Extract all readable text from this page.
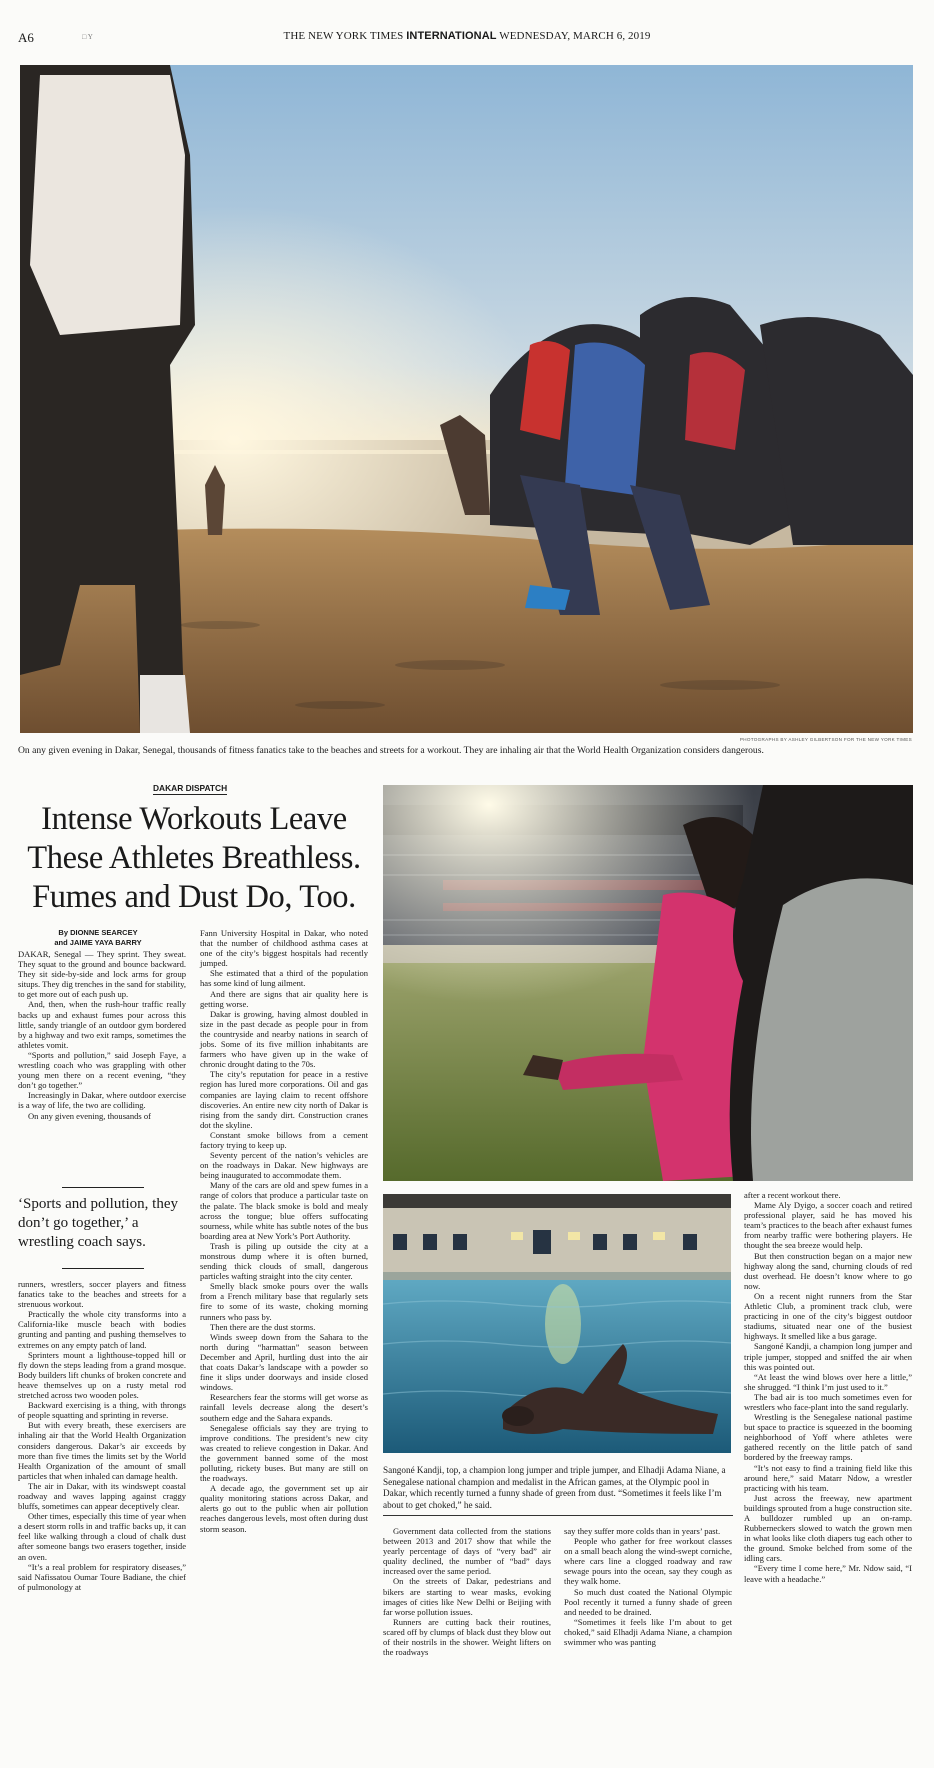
A6	□ Y	THE NEW YORK TIMES INTERNATIONAL WEDNESDAY, MARCH 6, 2019
PHOTOGRAPHS BY ASHLEY GILBERTSON FOR THE NEW YORK TIMES
On any given evening in Dakar, Senegal, thousands of fitness fanatics take to the beaches and streets for a workout. They are inhaling air that the World Health Organization considers dangerous.
DAKAR DISPATCH
Intense Workouts Leave These Athletes Breathless. Fumes and Dust Do, Too.
By DIONNE SEARCEY
and JAIME YAYA BARRY

DAKAR, Senegal — They sprint. They sweat. They squat to the ground and bounce backward. They sit side-by-side and lock arms for group situps. They dig trenches in the sand for stability, to get more out of each push up.

And, then, when the rush-hour traffic really backs up and exhaust fumes pour across this little, sandy triangle of an outdoor gym bordered by a highway and two exit ramps, sometimes the athletes vomit.

“Sports and pollution,” said Joseph Faye, a wrestling coach who was grappling with other young men there on a recent evening, “they don’t go together.”

Increasingly in Dakar, where outdoor exercise is a way of life, the two are colliding.

On any given evening, thousands of

‘Sports and pollution, they don’t go together,’ a wrestling coach says.

runners, wrestlers, soccer players and fitness fanatics take to the beaches and streets for a strenuous workout.

Practically the whole city transforms into a California-like muscle beach with bodies grunting and panting and pushing themselves to extremes on any empty patch of land.

Sprinters mount a lighthouse-topped hill or fly down the steps leading from a grand mosque. Body builders lift chunks of broken concrete and heave themselves up on a rusty metal rod stretched across two wooden poles.

Backward exercising is a thing, with throngs of people squatting and sprinting in reverse.

But with every breath, these exercisers are inhaling air that the World Health Organization considers dangerous. Dakar’s air exceeds by more than five times the limits set by the World Health Organization of the amount of small particles that when inhaled can damage health.

The air in Dakar, with its windswept coastal roadway and waves lapping against craggy bluffs, sometimes can appear deceptively clear.

Other times, especially this time of year when a desert storm rolls in and traffic backs up, it can feel like walking through a cloud of chalk dust after someone bangs two erasers together, inside an oven.

“It’s a real problem for respiratory diseases,” said Nafissatou Oumar Toure Badiane, the chief of pulmonology at

Fann University Hospital in Dakar, who noted that the number of childhood asthma cases at one of the city’s biggest hospitals had recently jumped.

She estimated that a third of the population has some kind of lung ailment.

And there are signs that air quality here is getting worse.

Dakar is growing, having almost doubled in size in the past decade as people pour in from the countryside and nearby nations in search of jobs. Some of its five million inhabitants are farmers who have given up in the wake of chronic drought dating to the 70s.

The city’s reputation for peace in a restive region has lured more corporations. Oil and gas companies are laying claim to recent offshore discoveries. An entire new city north of Dakar is rising from the sandy dirt. Construction cranes dot the skyline.

Constant smoke billows from a cement factory trying to keep up.

Seventy percent of the nation’s vehicles are on the roadways in Dakar. New highways are being inaugurated to accommodate them.

Many of the cars are old and spew fumes in a range of colors that produce a particular taste on the palate. The black smoke is bold and mealy across the tongue; blue offers suffocating sourness, while white has subtle notes of the bus boarding area at New York’s Port Authority.

Trash is piling up outside the city at a monstrous dump where it is often burned, sending thick clouds of small, dangerous particles wafting straight into the city center.

Smelly black smoke pours over the walls from a French military base that regularly sets fire to some of its waste, choking morning runners who pass by.

Then there are the dust storms.

Winds sweep down from the Sahara to the north during “harmattan” season between December and April, hurtling dust into the air that coats Dakar’s landscape with a powder so fine it slips under doorways and inside closed windows.

Researchers fear the storms will get worse as rainfall levels decrease along the desert’s southern edge and the Sahara expands.

Senegalese officials say they are trying to improve conditions. The president’s new city was created to relieve congestion in Dakar. And the government banned some of the most polluting, rickety buses. But many are still on the roadways.

A decade ago, the government set up air quality monitoring stations across Dakar, and alerts go out to the public when air pollution reaches dangerous levels, most often during dust storm season.

after a recent workout there.

Mame Aly Dyigo, a soccer coach and retired professional player, said he has moved his team’s practices to the beach after exhaust fumes from nearby traffic were bothering players. He thought the sea breeze would help.

But then construction began on a major new highway along the sand, churning clouds of red dust overhead. He doesn’t know where to go now.

On a recent night runners from the Star Athletic Club, a prominent track club, were practicing in one of the city’s biggest outdoor stadiums, situated near one of the busiest highways. It smelled like a bus garage.

Sangoné Kandji, a champion long jumper and triple jumper, stopped and sniffed the air when this was pointed out.

“At least the wind blows over here a little,” she shrugged. “I think I’m just used to it.”

The bad air is too much sometimes even for wrestlers who face-plant into the sand regularly.

Wrestling is the Senegalese national pastime but space to practice is squeezed in the booming neighborhood of Yoff where athletes were gathered recently on the little patch of sand bordered by the freeway ramps.

“It’s not easy to find a training field like this around here,” said Matarr Ndow, a wrestler practicing with his team.

Just across the freeway, new apartment buildings sprouted from a huge construction site. A bulldozer rumbled up an on-ramp. Rubberneckers slowed to watch the grown men in what looks like cloth diapers tug each other to the ground. Smoke belched from some of the idling cars.

“Every time I come here,” Mr. Ndow said, “I leave with a headache.”

Sangoné Kandji, top, a champion long jumper and triple jumper, and Elhadji Adama Niane, a Senegalese national champion and medalist in the African games, at the Olympic pool in Dakar, which recently turned a funny shade of green from dust. “Sometimes it feels like I’m about to get choked,” he said.

Government data collected from the stations between 2013 and 2017 show that while the yearly percentage of days of “very bad” air quality declined, the number of “bad” days increased over the same period.

On the streets of Dakar, pedestrians and bikers are starting to wear masks, evoking images of cities like New Delhi or Beijing with far worse pollution issues.

Runners are cutting back their routines, scared off by clumps of black dust they blow out of their nostrils in the shower. Weight lifters on the roadways

say they suffer more colds than in years’ past.

People who gather for free workout classes on a small beach along the wind-swept corniche, where cars line a clogged roadway and raw sewage pours into the ocean, say they cough as they walk home.

So much dust coated the National Olympic Pool recently it turned a funny shade of green and needed to be drained.

“Sometimes it feels like I’m about to get choked,” said Elhadji Adama Niane, a champion swimmer who was panting
